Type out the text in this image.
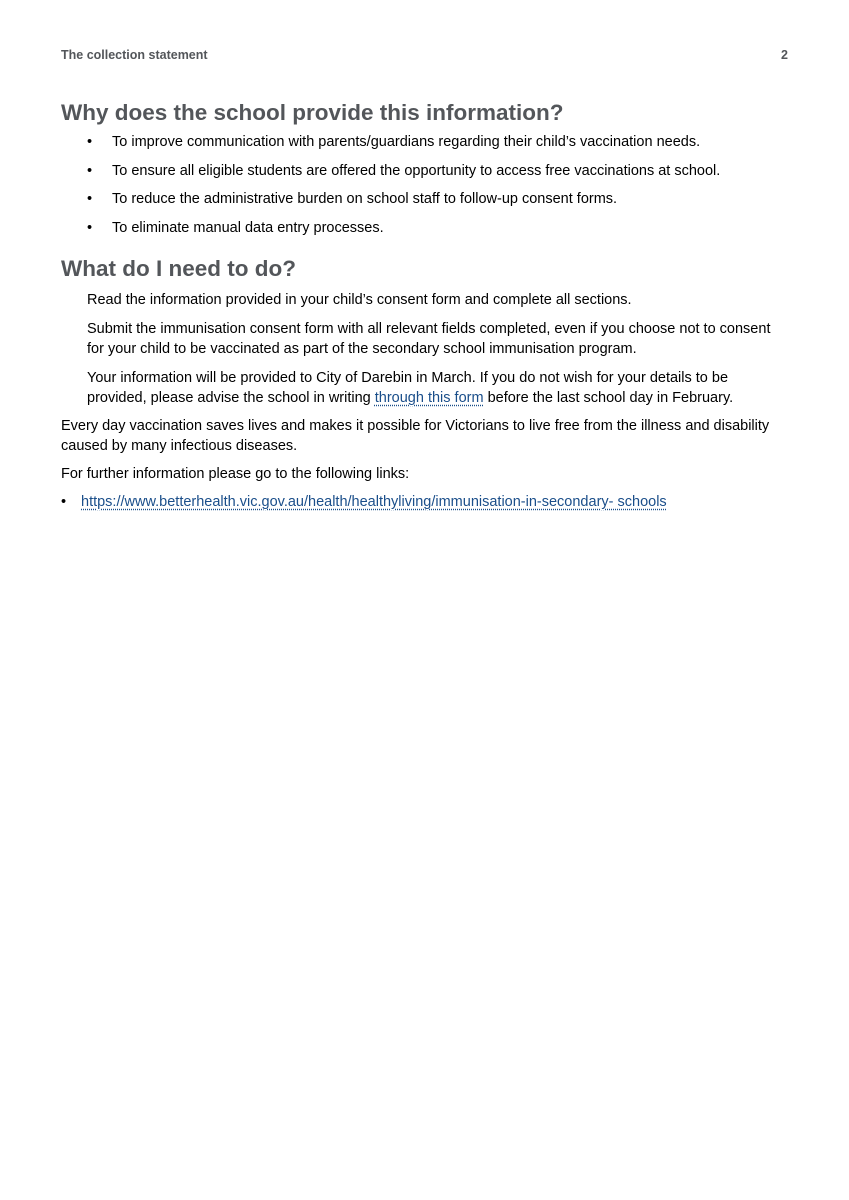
The collection statement	2
Why does the school provide this information?
• To improve communication with parents/guardians regarding their child’s vaccination needs.
• To ensure all eligible students are offered the opportunity to access free vaccinations at school.
• To reduce the administrative burden on school staff to follow-up consent forms.
• To eliminate manual data entry processes.
What do I need to do?

Read the information provided in your child’s consent form and complete all sections.

Submit the immunisation consent form with all relevant fields completed, even if you choose not to consent for your child to be vaccinated as part of the secondary school immunisation program.

Your information will be provided to City of Darebin in March. If you do not wish for your details to be provided, please advise the school in writing through this form before the last school day in February.

Every day vaccination saves lives and makes it possible for Victorians to live free from the illness and disability caused by many infectious diseases.

For further information please go to the following links:

• https://www.betterhealth.vic.gov.au/health/healthyliving/immunisation-in-secondary- schools
